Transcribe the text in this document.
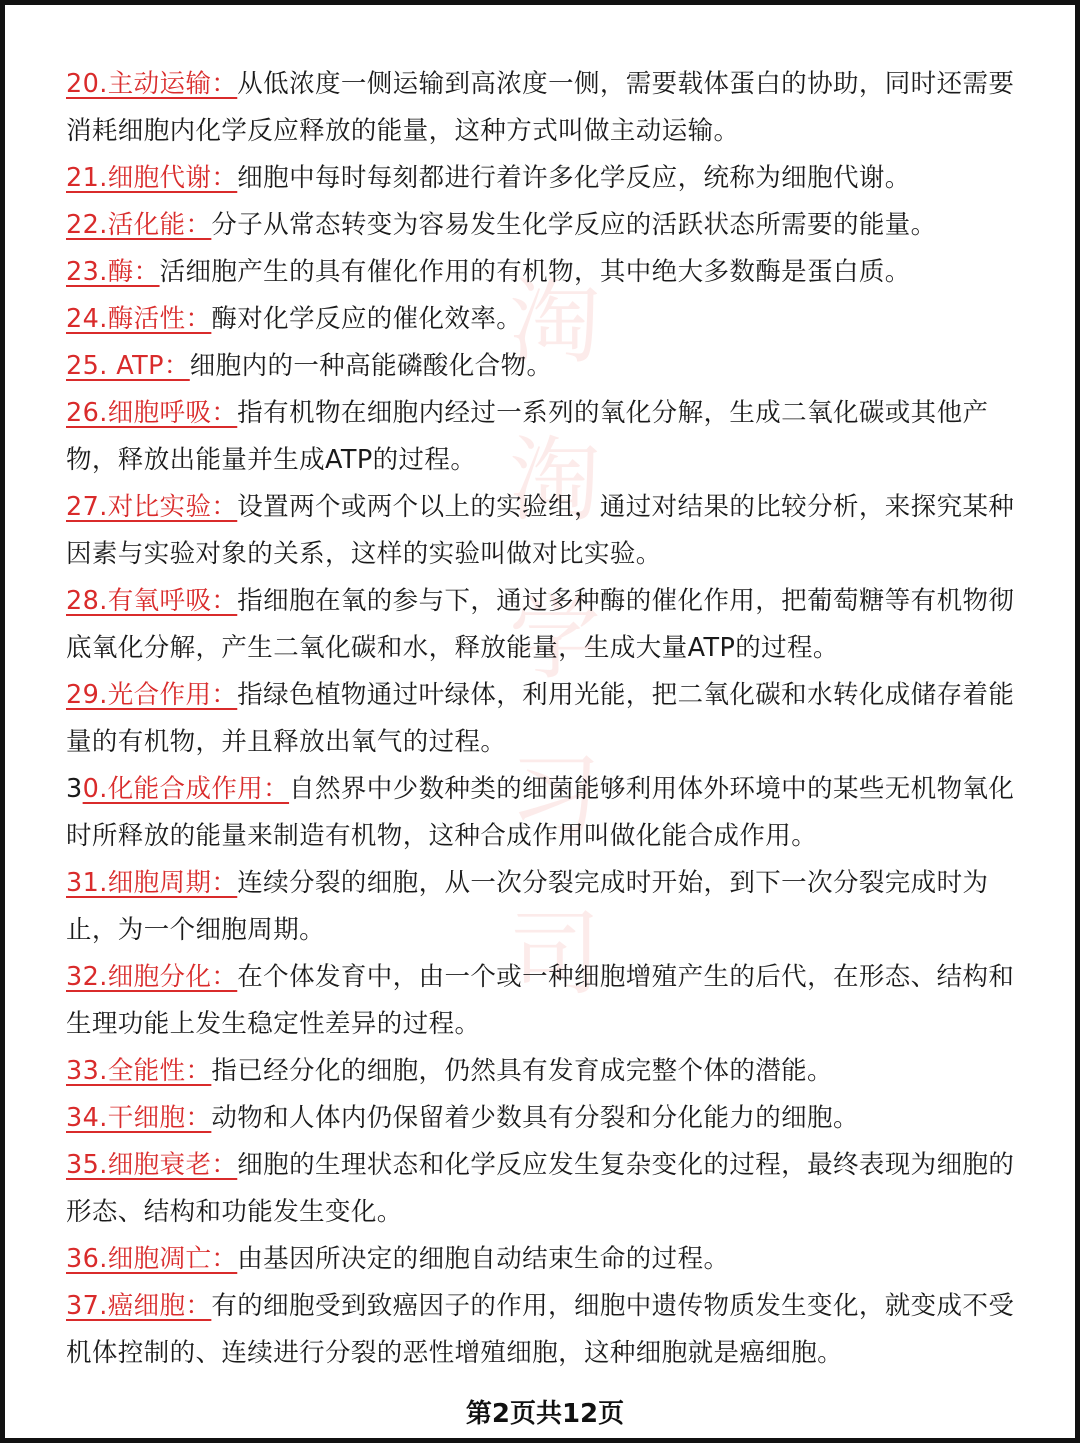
淘
淘
学
习
司
20.主动运输：从低浓度一侧运输到高浓度一侧，需要载体蛋白的协助，同时还需要消耗细胞内化学反应释放的能量，这种方式叫做主动运输。
21.细胞代谢：细胞中每时每刻都进行着许多化学反应，统称为细胞代谢。
22.活化能：分子从常态转变为容易发生化学反应的活跃状态所需要的能量。
23.酶：活细胞产生的具有催化作用的有机物，其中绝大多数酶是蛋白质。
24.酶活性：酶对化学反应的催化效率。
25. ATP：细胞内的一种高能磷酸化合物。
26.细胞呼吸：指有机物在细胞内经过一系列的氧化分解，生成二氧化碳或其他产物，释放出能量并生成ATP的过程。
27.对比实验：设置两个或两个以上的实验组，通过对结果的比较分析，来探究某种因素与实验对象的关系，这样的实验叫做对比实验。
28.有氧呼吸：指细胞在氧的参与下，通过多种酶的催化作用，把葡萄糖等有机物彻底氧化分解，产生二氧化碳和水，释放能量，生成大量ATP的过程。
29.光合作用：指绿色植物通过叶绿体，利用光能，把二氧化碳和水转化成储存着能量的有机物，并且释放出氧气的过程。
30.化能合成作用：自然界中少数种类的细菌能够利用体外环境中的某些无机物氧化时所释放的能量来制造有机物，这种合成作用叫做化能合成作用。
31.细胞周期：连续分裂的细胞，从一次分裂完成时开始，到下一次分裂完成时为止，为一个细胞周期。
32.细胞分化：在个体发育中，由一个或一种细胞增殖产生的后代，在形态、结构和生理功能上发生稳定性差异的过程。
33.全能性：指已经分化的细胞，仍然具有发育成完整个体的潜能。
34.干细胞：动物和人体内仍保留着少数具有分裂和分化能力的细胞。
35.细胞衰老：细胞的生理状态和化学反应发生复杂变化的过程，最终表现为细胞的形态、结构和功能发生变化。
36.细胞凋亡：由基因所决定的细胞自动结束生命的过程。
37.癌细胞：有的细胞受到致癌因子的作用，细胞中遗传物质发生变化，就变成不受机体控制的、连续进行分裂的恶性增殖细胞，这种细胞就是癌细胞。
第2页共12页
